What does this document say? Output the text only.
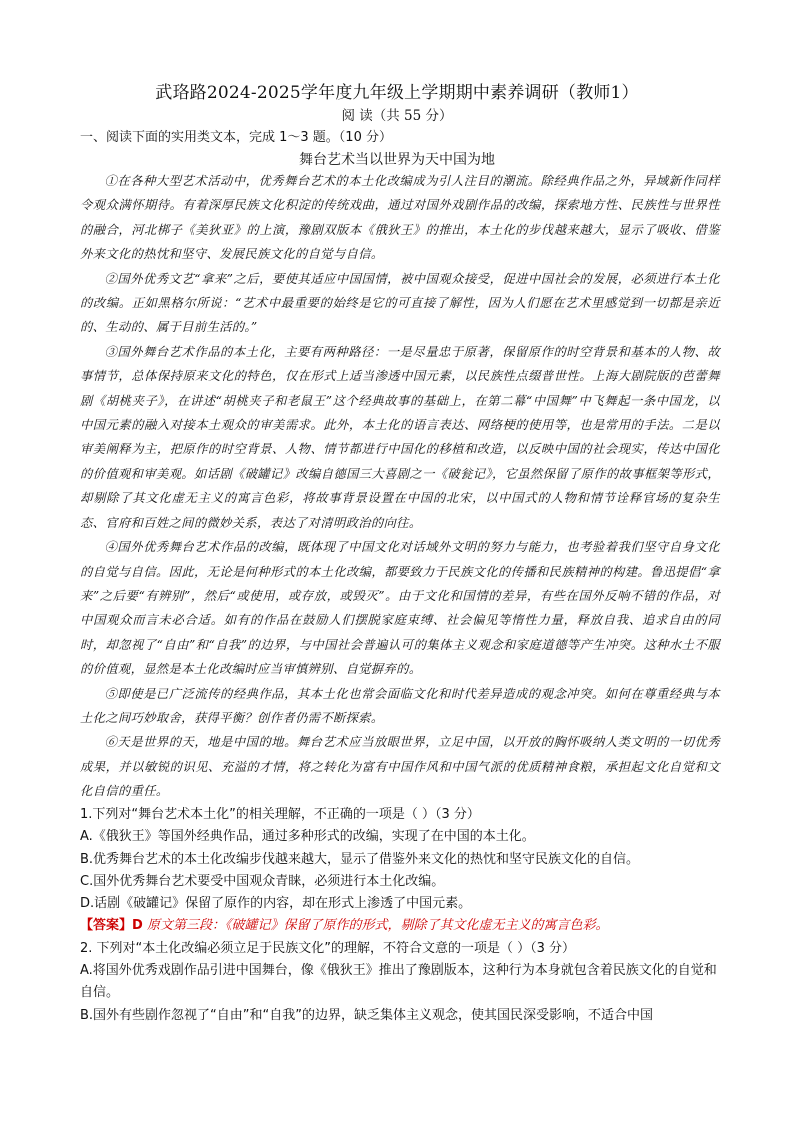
武珞路2024-2025学年度九年级上学期期中素养调研（教师1）
阅 读（共 55 分）
一、阅读下面的实用类文本，完成 1～3 题。（10 分）
舞台艺术当以世界为天中国为地

①在各种大型艺术活动中，优秀舞台艺术的本土化改编成为引人注目的潮流。除经典作品之外，异域新作同样令观众满怀期待。有着深厚民族文化积淀的传统戏曲，通过对国外戏剧作品的改编，探索地方性、民族性与世界性的融合，河北梆子《美狄亚》的上演，豫剧双版本《俄狄王》的推出，本土化的步伐越来越大，显示了吸收、借鉴外来文化的热忱和坚守、发展民族文化的自觉与自信。

②国外优秀文艺“拿来”之后，要使其适应中国国情，被中国观众接受，促进中国社会的发展，必须进行本土化的改编。正如黑格尔所说：“艺术中最重要的始终是它的可直接了解性，因为人们愿在艺术里感觉到一切都是亲近的、生动的、属于目前生活的。”

③国外舞台艺术作品的本土化，主要有两种路径：一是尽量忠于原著，保留原作的时空背景和基本的人物、故事情节，总体保持原来文化的特色，仅在形式上适当渗透中国元素，以民族性点缀普世性。上海大剧院版的芭蕾舞剧《胡桃夹子》，在讲述“胡桃夹子和老鼠王”这个经典故事的基础上，在第二幕“中国舞”中飞舞起一条中国龙，以中国元素的融入对接本土观众的审美需求。此外，本土化的语言表达、网络梗的使用等，也是常用的手法。二是以审美阐释为主，把原作的时空背景、人物、情节都进行中国化的移植和改造，以反映中国的社会现实，传达中国化的价值观和审美观。如话剧《破罐记》改编自德国三大喜剧之一《破瓮记》，它虽然保留了原作的故事框架等形式，却剔除了其文化虚无主义的寓言色彩，将故事背景设置在中国的北宋，以中国式的人物和情节诠释官场的复杂生态、官府和百姓之间的微妙关系，表达了对清明政治的向往。

④国外优秀舞台艺术作品的改编，既体现了中国文化对话域外文明的努力与能力，也考验着我们坚守自身文化的自觉与自信。因此，无论是何种形式的本土化改编，都要致力于民族文化的传播和民族精神的构建。鲁迅提倡“拿来”之后要“有辨别”，然后“或使用，或存放，或毁灭”。由于文化和国情的差异，有些在国外反响不错的作品，对中国观众而言未必合适。如有的作品在鼓励人们摆脱家庭束缚、社会偏见等惰性力量，释放自我、追求自由的同时，却忽视了“自由”和“自我”的边界，与中国社会普遍认可的集体主义观念和家庭道德等产生冲突。这种水土不服的价值观，显然是本土化改编时应当审慎辨别、自觉摒弃的。

⑤即使是已广泛流传的经典作品，其本土化也常会面临文化和时代差异造成的观念冲突。如何在尊重经典与本土化之间巧妙取舍，获得平衡？创作者仍需不断探索。

⑥天是世界的天，地是中国的地。舞台艺术应当放眼世界，立足中国，以开放的胸怀吸纳人类文明的一切优秀成果，并以敏锐的识见、充溢的才情，将之转化为富有中国作风和中国气派的优质精神食粮，承担起文化自觉和文化自信的重任。

1.下列对“舞台艺术本土化”的相关理解，不正确的一项是（ ）（3 分）
A.《俄狄王》等国外经典作品，通过多种形式的改编，实现了在中国的本土化。
B.优秀舞台艺术的本土化改编步伐越来越大，显示了借鉴外来文化的热忱和坚守民族文化的自信。
C.国外优秀舞台艺术要受中国观众青睐，必须进行本土化改编。
D.话剧《破罐记》保留了原作的内容，却在形式上渗透了中国元素。
【答案】D 原文第三段：《破罐记》保留了原作的形式，剔除了其文化虚无主义的寓言色彩。
2. 下列对“本土化改编必须立足于民族文化”的理解，不符合文意的一项是（ ）（3 分）
A.将国外优秀戏剧作品引进中国舞台，像《俄狄王》推出了豫剧版本，这种行为本身就包含着民族文化的自觉和自信。
B.国外有些剧作忽视了“自由”和“自我”的边界，缺乏集体主义观念，使其国民深受影响，不适合中国
